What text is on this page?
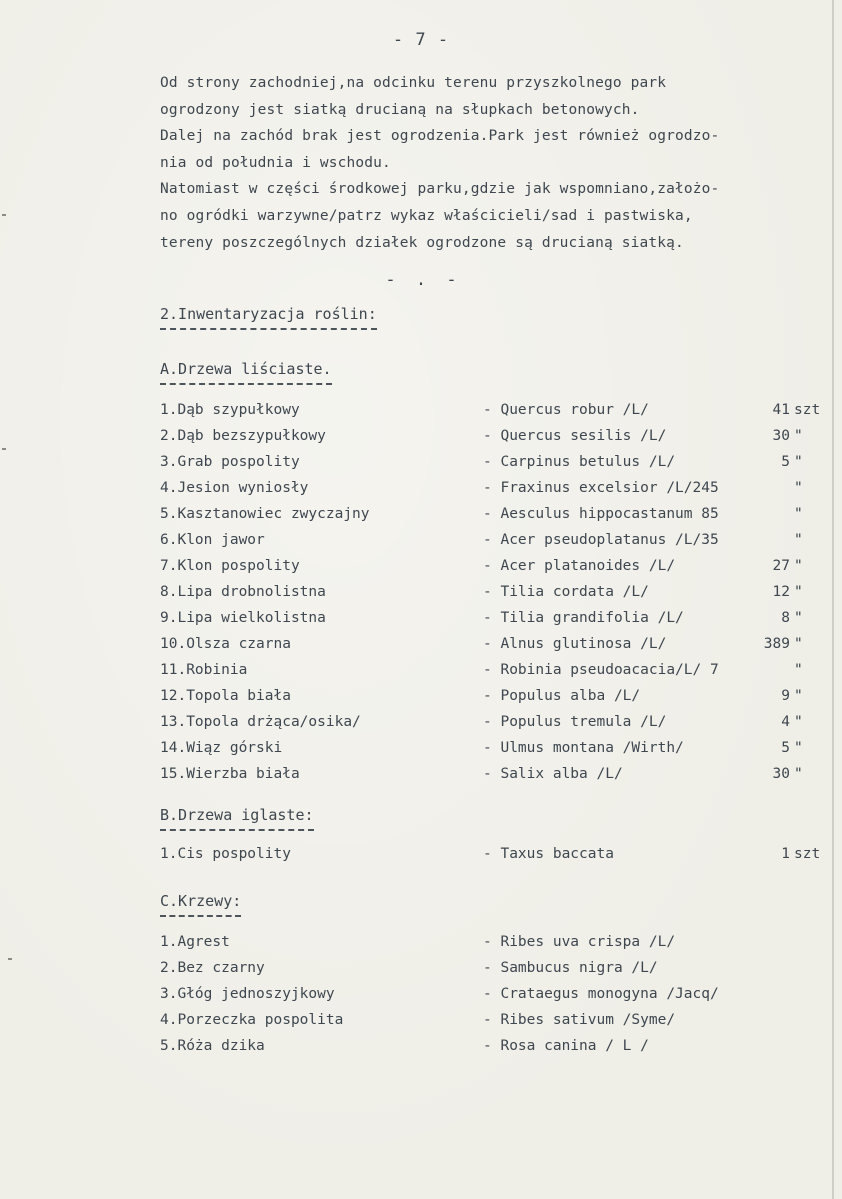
- 7 -
Od strony zachodniej,na odcinku terenu przyszkolnego park
ogrodzony jest siatką drucianą na słupkach betonowych.
Dalej na zachód brak jest ogrodzenia.Park jest również ogrodzo-
nia od południa i wschodu.
Natomiast w części środkowej parku,gdzie jak wspomniano,założo-
no ogródki warzywne/patrz wykaz właścicieli/sad i pastwiska,
tereny poszczególnych działek ogrodzone są drucianą siatką.
- . -
2.Inwentaryzacja roślin:
A.Drzewa liściaste.
1.Dąb szypułkowy	- Quercus robur /L/	41 szt
2.Dąb bezszypułkowy	- Quercus sesilis /L/	30 "
3.Grab pospolity	- Carpinus betulus /L/	5 "
4.Jesion wyniosły	- Fraxinus excelsior /L/245	"
5.Kasztanowiec zwyczajny	- Aesculus hippocastanum 85	"
6.Klon jawor	- Acer pseudoplatanus /L/35	"
7.Klon pospolity	- Acer platanoides /L/	27 "
8.Lipa drobnolistna	- Tilia cordata /L/	12 "
9.Lipa wielkolistna	- Tilia grandifolia /L/	8 "
10.Olsza czarna	- Alnus glutinosa /L/	389 "
11.Robinia	- Robinia pseudoacacia/L/ 7	"
12.Topola biała	- Populus alba /L/	9 "
13.Topola drżąca/osika/	- Populus tremula /L/	4 "
14.Wiąz górski	- Ulmus montana /Wirth/	5 "
15.Wierzba biała	- Salix alba /L/	30 "
B.Drzewa iglaste:
1.Cis pospolity	- Taxus baccata	1 szt
C.Krzewy:
1.Agrest	- Ribes uva crispa /L/
2.Bez czarny	- Sambucus nigra /L/
3.Głóg jednoszyjkowy	- Crataegus monogyna /Jacq/
4.Porzeczka pospolita	- Ribes sativum /Syme/
5.Róża dzika	- Rosa canina / L /
